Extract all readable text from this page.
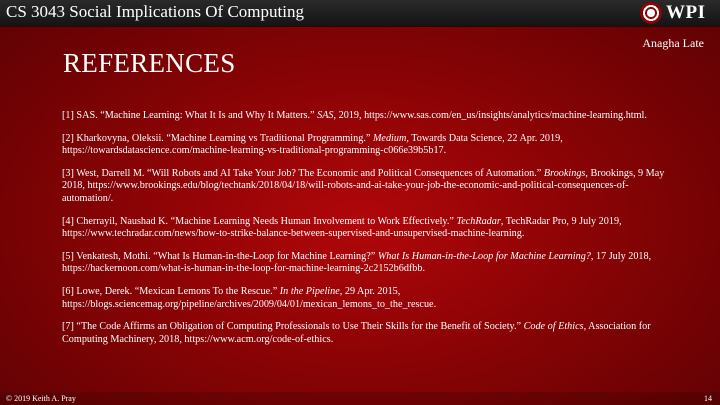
CS 3043 Social Implications Of Computing	WPI
Anagha Late
REFERENCES
[1] SAS. “Machine Learning: What It Is and Why It Matters.” SAS, 2019, https://www.sas.com/en_us/insights/analytics/machine-learning.html.
[2] Kharkovyna, Oleksii. “Machine Learning vs Traditional Programming.” Medium, Towards Data Science, 22 Apr. 2019, https://towardsdatascience.com/machine-learning-vs-traditional-programming-c066e39b5b17.
[3] West, Darrell M. “Will Robots and AI Take Your Job? The Economic and Political Consequences of Automation.” Brookings, Brookings, 9 May 2018, https://www.brookings.edu/blog/techtank/2018/04/18/will-robots-and-ai-take-your-job-the-economic-and-political-consequences-of-automation/.
[4] Cherrayil, Naushad K. “Machine Learning Needs Human Involvement to Work Effectively.” TechRadar, TechRadar Pro, 9 July 2019, https://www.techradar.com/news/how-to-strike-balance-between-supervised-and-unsupervised-machine-learning.
[5] Venkatesh, Mothi. “What Is Human-in-the-Loop for Machine Learning?” What Is Human-in-the-Loop for Machine Learning?, 17 July 2018, https://hackernoon.com/what-is-human-in-the-loop-for-machine-learning-2c2152b6dfbb.
[6] Lowe, Derek. “Mexican Lemons To the Rescue.” In the Pipeline, 29 Apr. 2015, https://blogs.sciencemag.org/pipeline/archives/2009/04/01/mexican_lemons_to_the_rescue.
[7] “The Code Affirms an Obligation of Computing Professionals to Use Their Skills for the Benefit of Society.” Code of Ethics, Association for Computing Machinery, 2018, https://www.acm.org/code-of-ethics.
© 2019 Keith A. Pray	14
